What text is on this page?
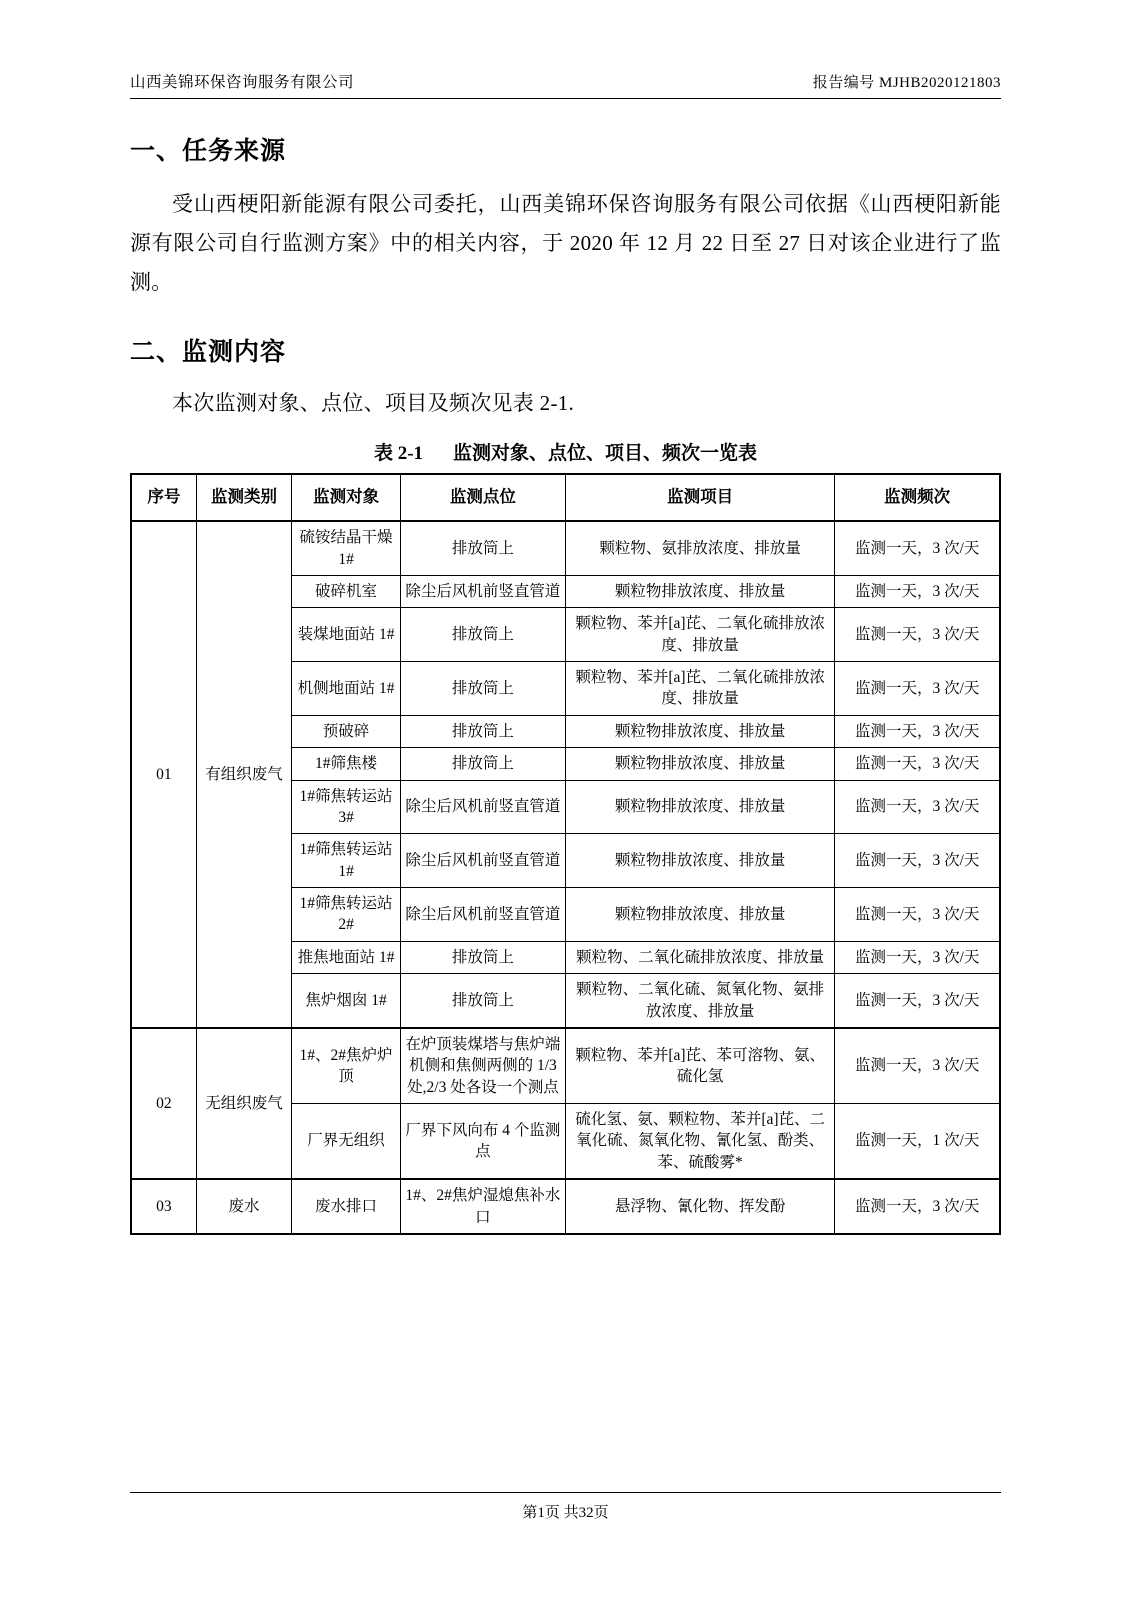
山西美锦环保咨询服务有限公司	报告编号 MJHB2020121803
一、任务来源

受山西梗阳新能源有限公司委托，山西美锦环保咨询服务有限公司依据《山西梗阳新能源有限公司自行监测方案》中的相关内容，于 2020 年 12 月 22 日至 27 日对该企业进行了监测。

二、监测内容

本次监测对象、点位、项目及频次见表 2-1.

表 2-1 监测对象、点位、项目、频次一览表
序号	监测类别	监测对象	监测点位	监测项目	监测频次
01	有组织废气	硫铵结晶干燥 1#	排放筒上	颗粒物、氨排放浓度、排放量	监测一天，3 次/天
		破碎机室	除尘后风机前竖直管道	颗粒物排放浓度、排放量	监测一天，3 次/天
		装煤地面站 1#	排放筒上	颗粒物、苯并[a]芘、二氧化硫排放浓度、排放量	监测一天，3 次/天
		机侧地面站 1#	排放筒上	颗粒物、苯并[a]芘、二氧化硫排放浓度、排放量	监测一天，3 次/天
		预破碎	排放筒上	颗粒物排放浓度、排放量	监测一天，3 次/天
		1#筛焦楼	排放筒上	颗粒物排放浓度、排放量	监测一天，3 次/天
		1#筛焦转运站 3#	除尘后风机前竖直管道	颗粒物排放浓度、排放量	监测一天，3 次/天
		1#筛焦转运站 1#	除尘后风机前竖直管道	颗粒物排放浓度、排放量	监测一天，3 次/天
		1#筛焦转运站 2#	除尘后风机前竖直管道	颗粒物排放浓度、排放量	监测一天，3 次/天
		推焦地面站 1#	排放筒上	颗粒物、二氧化硫排放浓度、排放量	监测一天，3 次/天
		焦炉烟囱 1#	排放筒上	颗粒物、二氧化硫、氮氧化物、氨排放浓度、排放量	监测一天，3 次/天
02	无组织废气	1#、2#焦炉炉顶	在炉顶装煤塔与焦炉端机侧和焦侧两侧的 1/3 处,2/3 处各设一个测点	颗粒物、苯并[a]芘、苯可溶物、氨、硫化氢	监测一天，3 次/天
		厂界无组织	厂界下风向布 4 个监测点	硫化氢、氨、颗粒物、苯并[a]芘、二氧化硫、氮氧化物、氰化氢、酚类、苯、硫酸雾*	监测一天，1 次/天
03	废水	废水排口	1#、2#焦炉湿熄焦补水口	悬浮物、氰化物、挥发酚	监测一天，3 次/天
第1页 共32页
